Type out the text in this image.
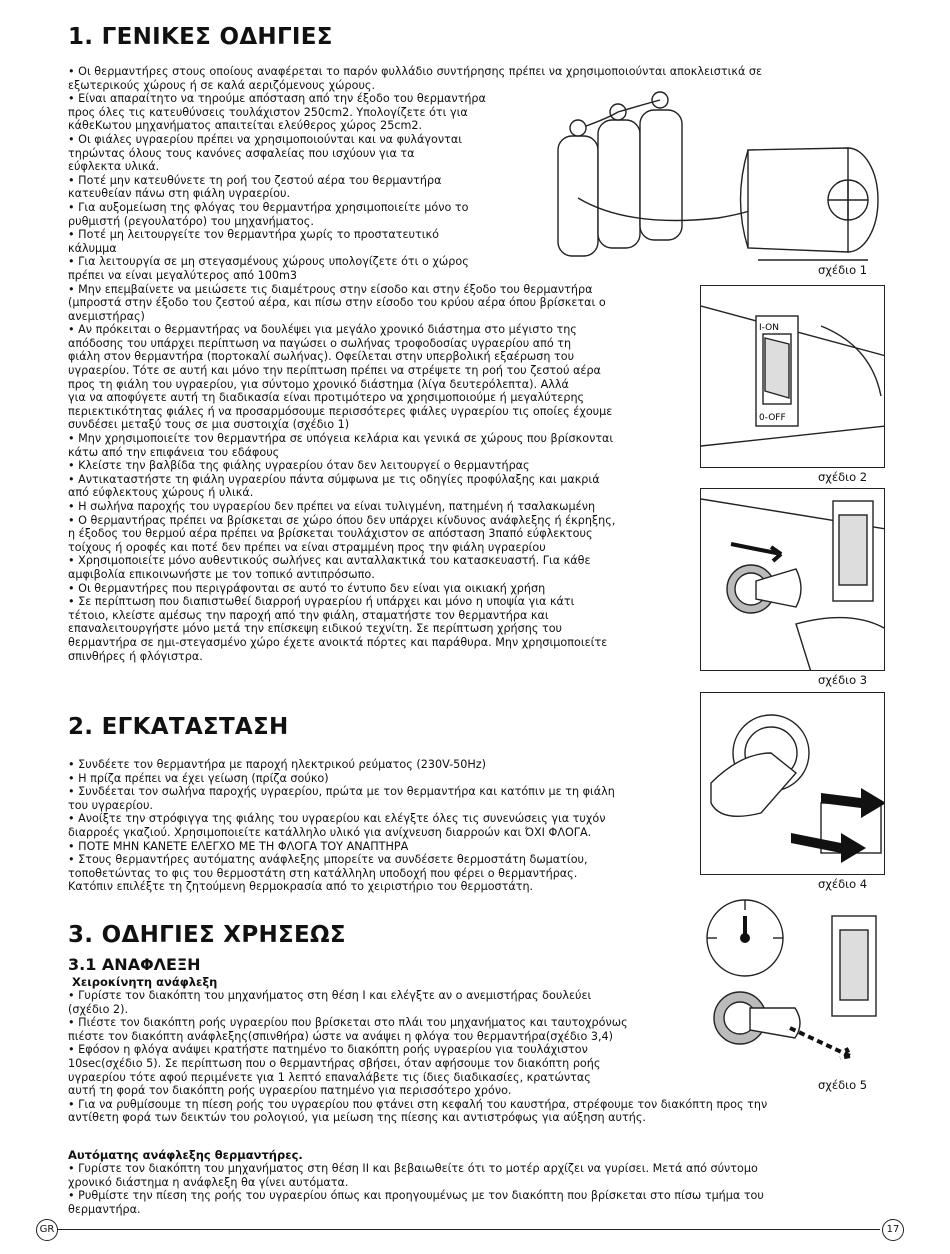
1. ΓΕΝΙΚΕΣ ΟΔΗΓΙΕΣ
2. ΕΓΚΑΤΑΣΤΑΣΗ
3. ΟΔΗΓΙΕΣ ΧΡΗΣΕΩΣ
3.1 ΑΝΑΦΛΕΞΗ
Χειροκίνητη ανάφλεξη
Αυτόματης ανάφλεξης θερμαντήρες.

• Οι θερμαντήρες στους οποίους αναφέρεται το παρόν φυλλάδιο συντήρησης πρέπει να χρησιμοποιούνται αποκλειστικά σε

εξωτερικούς χώρους ή σε καλά αεριζόμενους χώρους.

• Είναι απαραίτητο να τηρούμε απόσταση από την έξοδο του θερμαντήρα

προς όλες τις κατευθύνσεις τουλάχιστον 250cm2. Υπολογίζετε ότι για

κάθεΚωτου μηχανήματος απαιτείται ελεύθερος χώρος 25cm2.

• Οι φιάλες υγραερίου πρέπει να χρησιμοποιούνται και να φυλάγονται

τηρώντας όλους τους κανόνες ασφαλείας που ισχύουν για τα

εύφλεκτα υλικά.

• Ποτέ μην κατευθύνετε τη ροή του ζεστού αέρα του θερμαντήρα

κατευθείαν πάνω στη φιάλη υγραερίου.

• Για αυξομείωση της φλόγας του θερμαντήρα χρησιμοποιείτε μόνο το

ρυθμιστή (ρεγουλατόρο) του μηχανήματος.

• Ποτέ μη λειτουργείτε τον θερμαντήρα χωρίς το προστατευτικό

κάλυμμα

• Για λειτουργία σε μη στεγασμένους χώρους υπολογίζετε ότι ο χώρος

πρέπει να είναι μεγαλύτερος από 100m3

• Μην επεμβαίνετε να μειώσετε τις διαμέτρους στην είσοδο και στην έξοδο του θερμαντήρα

(μπροστά στην έξοδο του ζεστού αέρα, και πίσω στην είσοδο του κρύου αέρα όπου βρίσκεται ο

ανεμιστήρας)

• Αν πρόκειται ο θερμαντήρας να δουλέψει για μεγάλο χρονικό διάστημα στο μέγιστο της

απόδοσης του υπάρχει περίπτωση να παγώσει ο σωλήνας τροφοδοσίας υγραερίου από τη

φιάλη στον θερμαντήρα (πορτοκαλί σωλήνας). Οφείλεται στην υπερβολική εξαέρωση του

υγραερίου. Τότε σε αυτή και μόνο την περίπτωση πρέπει να στρέψετε τη ροή του ζεστού αέρα

προς τη φιάλη του υγραερίου, για σύντομο χρονικό διάστημα (λίγα δευτερόλεπτα). Αλλά

για να αποφύγετε αυτή τη διαδικασία είναι προτιμότερο να χρησιμοποιούμε ή μεγαλύτερης

περιεκτικότητας φιάλες ή να προσαρμόσουμε περισσότερες φιάλες υγραερίου τις οποίες έχουμε

συνδέσει μεταξύ τους σε μια συστοιχία (σχέδιο 1)

• Μην χρησιμοποιείτε τον θερμαντήρα σε υπόγεια κελάρια και γενικά σε χώρους που βρίσκονται

κάτω από την επιφάνεια του εδάφους

• Κλείστε την βαλβίδα της φιάλης υγραερίου όταν δεν λειτουργεί ο θερμαντήρας

• Αντικαταστήστε τη φιάλη υγραερίου πάντα σύμφωνα με τις οδηγίες προφύλαξης και μακριά

από εύφλεκτους χώρους ή υλικά.

• Η σωλήνα παροχής του υγραερίου δεν πρέπει να είναι τυλιγμένη, πατημένη ή τσαλακωμένη

• Ο θερμαντήρας πρέπει να βρίσκεται σε χώρο όπου δεν υπάρχει κίνδυνος ανάφλεξης ή έκρηξης,

η έξοδος του θερμού αέρα πρέπει να βρίσκεται τουλάχιστον σε απόσταση 3παπό εύφλεκτους

τοίχους ή οροφές και ποτέ δεν πρέπει να είναι στραμμένη προς την φιάλη υγραερίου

• Χρησιμοποιείτε μόνο αυθεντικούς σωλήνες και ανταλλακτικά του κατασκευαστή. Για κάθε

αμφιβολία επικοινωνήστε με τον τοπικό αντιπρόσωπο.

• Οι θερμαντήρες που περιγράφονται σε αυτό το έντυπο δεν είναι για οικιακή χρήση

• Σε περίπτωση που διαπιστωθεί διαρροή υγραερίου ή υπάρχει και μόνο η υποψία για κάτι

τέτοιο, κλείστε αμέσως την παροχή από την φιάλη, σταματήστε τον θερμαντήρα και

επαναλειτουργήστε μόνο μετά την επίσκεψη ειδικού τεχνίτη. Σε περίπτωση χρήσης του

θερμαντήρα σε ημι-στεγασμένο χώρο έχετε ανοικτά πόρτες και παράθυρα. Μην χρησιμοποιείτε

σπινθήρες ή φλόγιστρα.

• Συνδέετε τον θερμαντήρα με παροχή ηλεκτρικού ρεύματος (230V-50Hz)

• Η πρίζα πρέπει να έχει γείωση (πρίζα σούκο)

• Συνδέεται τον σωλήνα παροχής υγραερίου, πρώτα με τον θερμαντήρα και κατόπιν με τη φιάλη

του υγραερίου.

• Ανοίξτε την στρόφιγγα της φιάλης του υγραερίου και ελέγξτε όλες τις συνενώσεις για τυχόν

διαρροές γκαζιού. Χρησιμοποιείτε κατάλληλο υλικό για ανίχνευση διαρροών και ΌΧΙ ΦΛΟΓΑ.

• ΠΟΤΕ ΜΗΝ ΚΑΝΕΤΕ ΕΛΕΓΧΟ ΜΕ ΤΗ ΦΛΟΓΑ ΤΟΥ ΑΝΑΠΤΗΡΑ

• Στους θερμαντήρες αυτόματης ανάφλεξης μπορείτε να συνδέσετε θερμοστάτη δωματίου,

τοποθετώντας το φις του θερμοστάτη στη κατάλληλη υποδοχή που φέρει ο θερμαντήρας.

Κατόπιν επιλέξτε τη ζητούμενη θερμοκρασία από το χειριστήριο του θερμοστάτη.

• Γυρίστε τον διακόπτη του μηχανήματος στη θέση I και ελέγξτε αν ο ανεμιστήρας δουλεύει

(σχέδιο 2).

• Πιέστε τον διακόπτη ροής υγραερίου που βρίσκεται στο πλάι του μηχανήματος και ταυτοχρόνως

πιέστε τον διακόπτη ανάφλεξης(σπινθήρα) ώστε να ανάψει η φλόγα του θερμαντήρα(σχέδιο 3,4)

• Εφόσον η φλόγα ανάψει κρατήστε πατημένο το διακόπτη ροής υγραερίου για τουλάχιστον

10sec(σχέδιο 5). Σε περίπτωση που ο θερμαντήρας σβήσει, όταν αφήσουμε τον διακόπτη ροής

υγραερίου τότε αφού περιμένετε για 1 λεπτό επαναλάβετε τις ίδιες διαδικασίες, κρατώντας

αυτή τη φορά τον διακόπτη ροής υγραερίου πατημένο για περισσότερο χρόνο.

• Για να ρυθμίσουμε τη πίεση ροής του υγραερίου που φτάνει στη κεφαλή του καυστήρα, στρέφουμε τον διακόπτη προς την

αντίθετη φορά των δεικτών του ρολογιού, για μείωση της πίεσης και αντιστρόφως για αύξηση αυτής.

• Γυρίστε τον διακόπτη του μηχανήματος στη θέση II και βεβαιωθείτε ότι το μοτέρ αρχίζει να γυρίσει. Μετά από σύντομο

χρονικό διάστημα η ανάφλεξη θα γίνει αυτόματα.

• Ρυθμίστε την πίεση της ροής του υγραερίου όπως και προηγουμένως με τον διακόπτη που βρίσκεται στο πίσω τμήμα του

θερμαντήρα.

σχέδιο 1
I-ON
0-OFF
σχέδιο 2
σχέδιο 3
σχέδιο 4
σχέδιο 5
GR	17
